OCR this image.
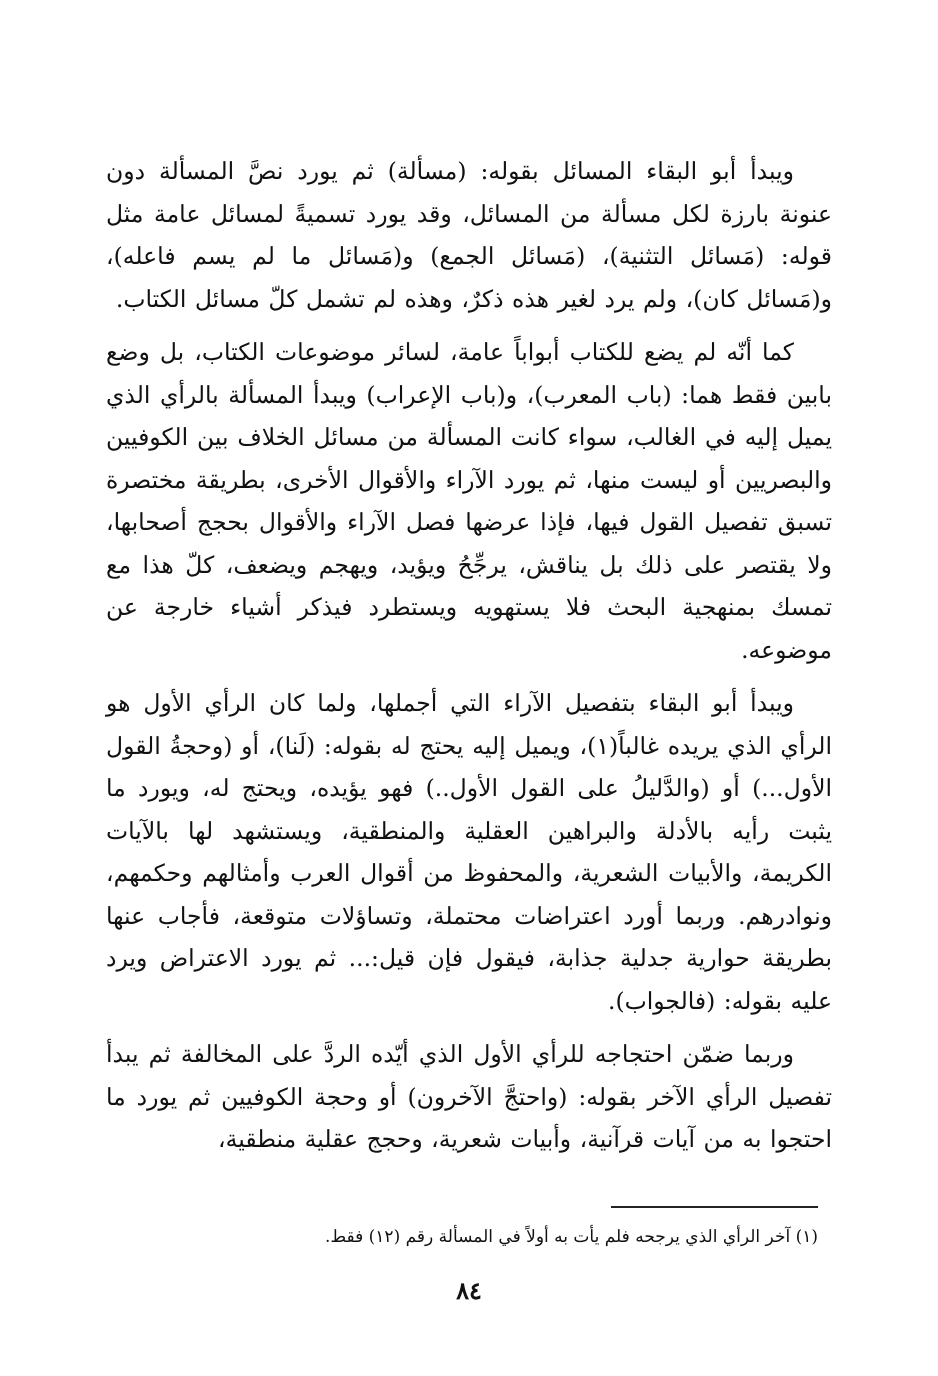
ويبدأ أبو البقاء المسائل بقوله: (مسألة) ثم يورد نصَّ المسألة دون عنونة بارزة لكل مسألة من المسائل، وقد يورد تسميةً لمسائل عامة مثل قوله: (مَسائل التثنية)، (مَسائل الجمع) و(مَسائل ما لم يسم فاعله)، و(مَسائل كان)، ولم يرد لغير هذه ذكرٌ، وهذه لم تشمل كلّ مسائل الكتاب.

كما أنّه لم يضع للكتاب أبواباً عامة، لسائر موضوعات الكتاب، بل وضع بابين فقط هما: (باب المعرب)، و(باب الإعراب) ويبدأ المسألة بالرأي الذي يميل إليه في الغالب، سواء كانت المسألة من مسائل الخلاف بين الكوفيين والبصريين أو ليست منها، ثم يورد الآراء والأقوال الأخرى، بطريقة مختصرة تسبق تفصيل القول فيها، فإذا عرضها فصل الآراء والأقوال بحجج أصحابها، ولا يقتصر على ذلك بل يناقش، يرجِّحُ ويؤيد، ويهجم ويضعف، كلّ هذا مع تمسك بمنهجية البحث فلا يستهويه ويستطرد فيذكر أشياء خارجة عن موضوعه.

ويبدأ أبو البقاء بتفصيل الآراء التي أجملها، ولما كان الرأي الأول هو الرأي الذي يريده غالباً(١)، ويميل إليه يحتج له بقوله: (لَنا)، أو (وحجةُ القول الأول...) أو (والدَّليلُ على القول الأول..) فهو يؤيده، ويحتج له، ويورد ما يثبت رأيه بالأدلة والبراهين العقلية والمنطقية، ويستشهد لها بالآيات الكريمة، والأبيات الشعرية، والمحفوظ من أقوال العرب وأمثالهم وحكمهم، ونوادرهم. وربما أورد اعتراضات محتملة، وتساؤلات متوقعة، فأجاب عنها بطريقة حوارية جدلية جذابة، فيقول فإن قيل:... ثم يورد الاعتراض ويرد عليه بقوله: (فالجواب).

وربما ضمّن احتجاجه للرأي الأول الذي أيّده الردَّ على المخالفة ثم يبدأ تفصيل الرأي الآخر بقوله: (واحتجَّ الآخرون) أو وحجة الكوفيين ثم يورد ما احتجوا به من آيات قرآنية، وأبيات شعرية، وحجج عقلية منطقية،

(١) آخر الرأي الذي يرجحه فلم يأت به أولاً في المسألة رقم (١٢) فقط.

٨٤
